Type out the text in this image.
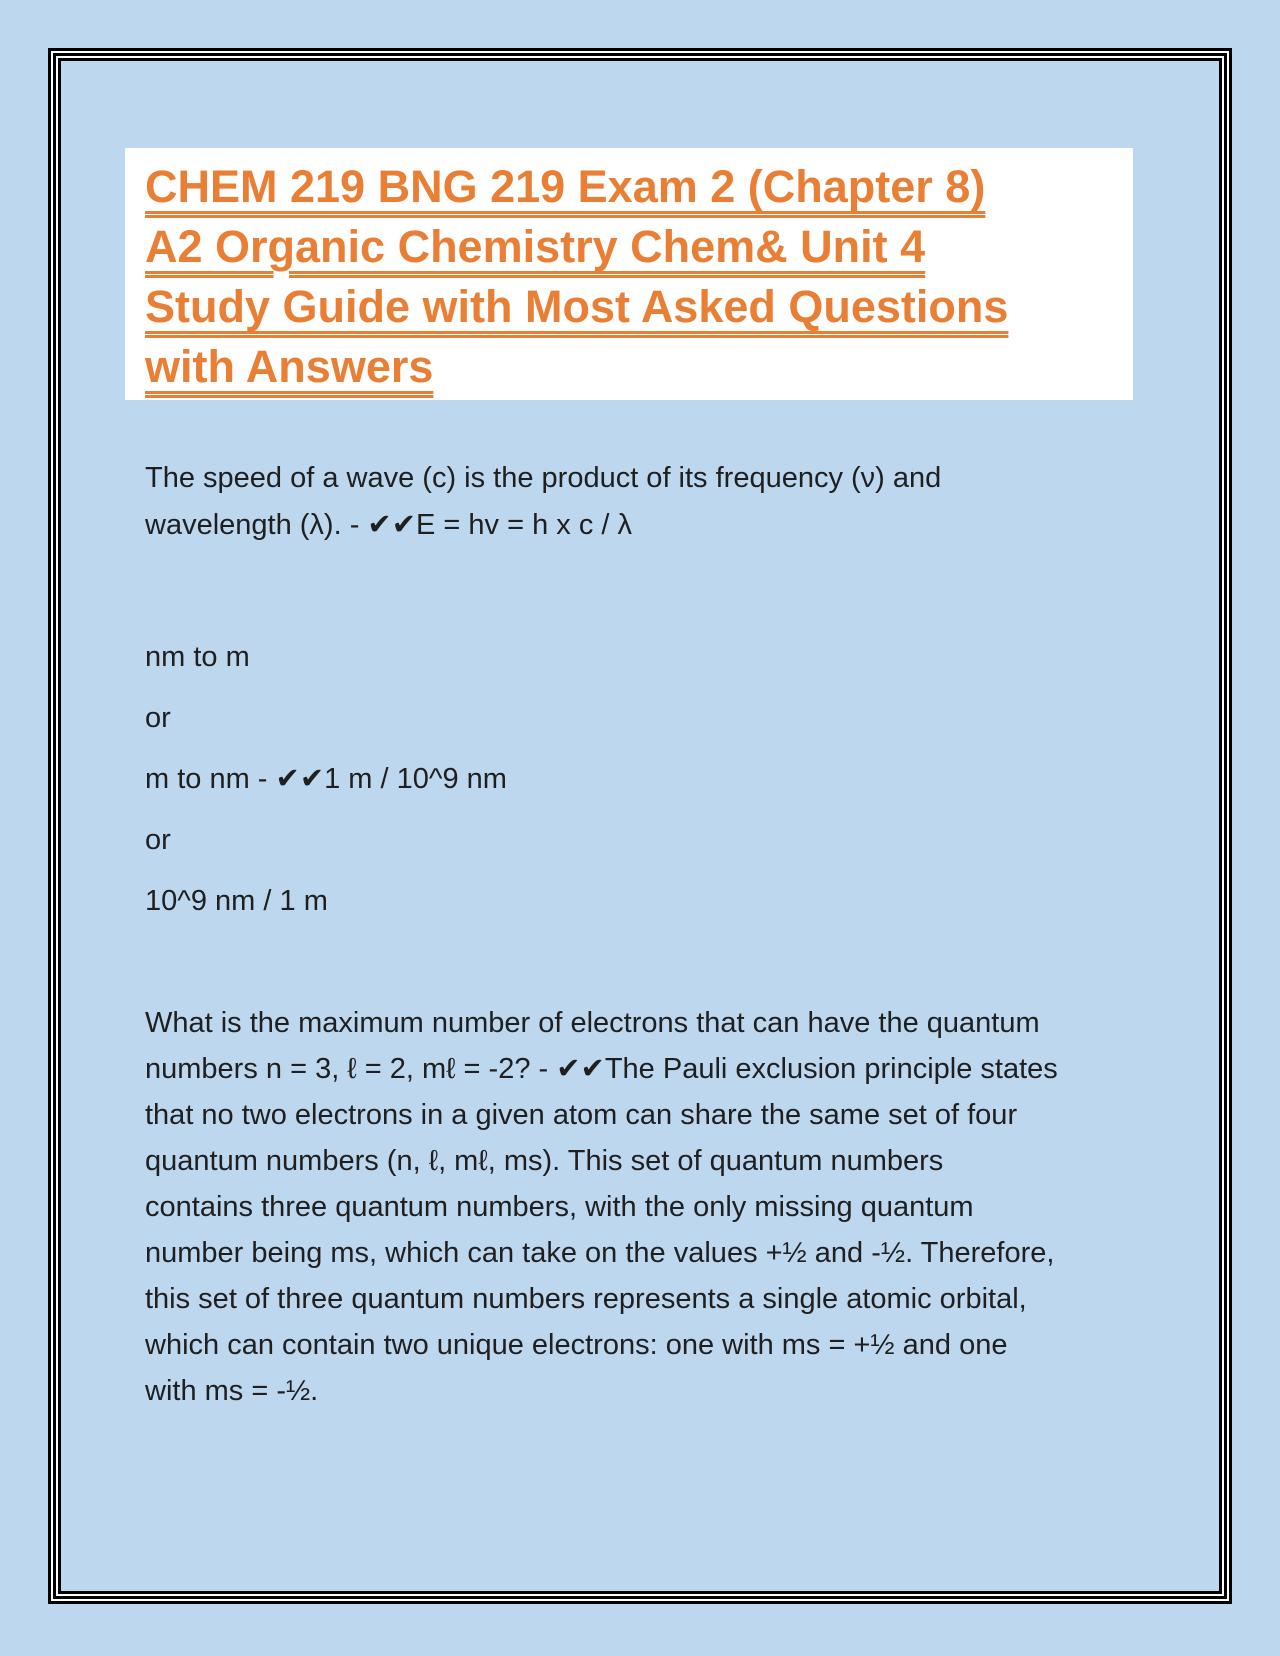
CHEM 219 BNG 219 Exam 2 (Chapter 8)
A2 Organic Chemistry Chem& Unit 4
Study Guide with Most Asked Questions
with Answers
The speed of a wave (c) is the product of its frequency (ν) and
wavelength (λ). - ✔✔E = hv = h x c / λ
nm to m
or
m to nm - ✔✔1 m / 10^9 nm
or
10^9 nm / 1 m
What is the maximum number of electrons that can have the quantum
numbers n = 3, ℓ = 2, mℓ = -2? - ✔✔The Pauli exclusion principle states
that no two electrons in a given atom can share the same set of four
quantum numbers (n, ℓ, mℓ, ms). This set of quantum numbers
contains three quantum numbers, with the only missing quantum
number being ms, which can take on the values +½ and -½. Therefore,
this set of three quantum numbers represents a single atomic orbital,
which can contain two unique electrons: one with ms = +½ and one
with ms = -½.
